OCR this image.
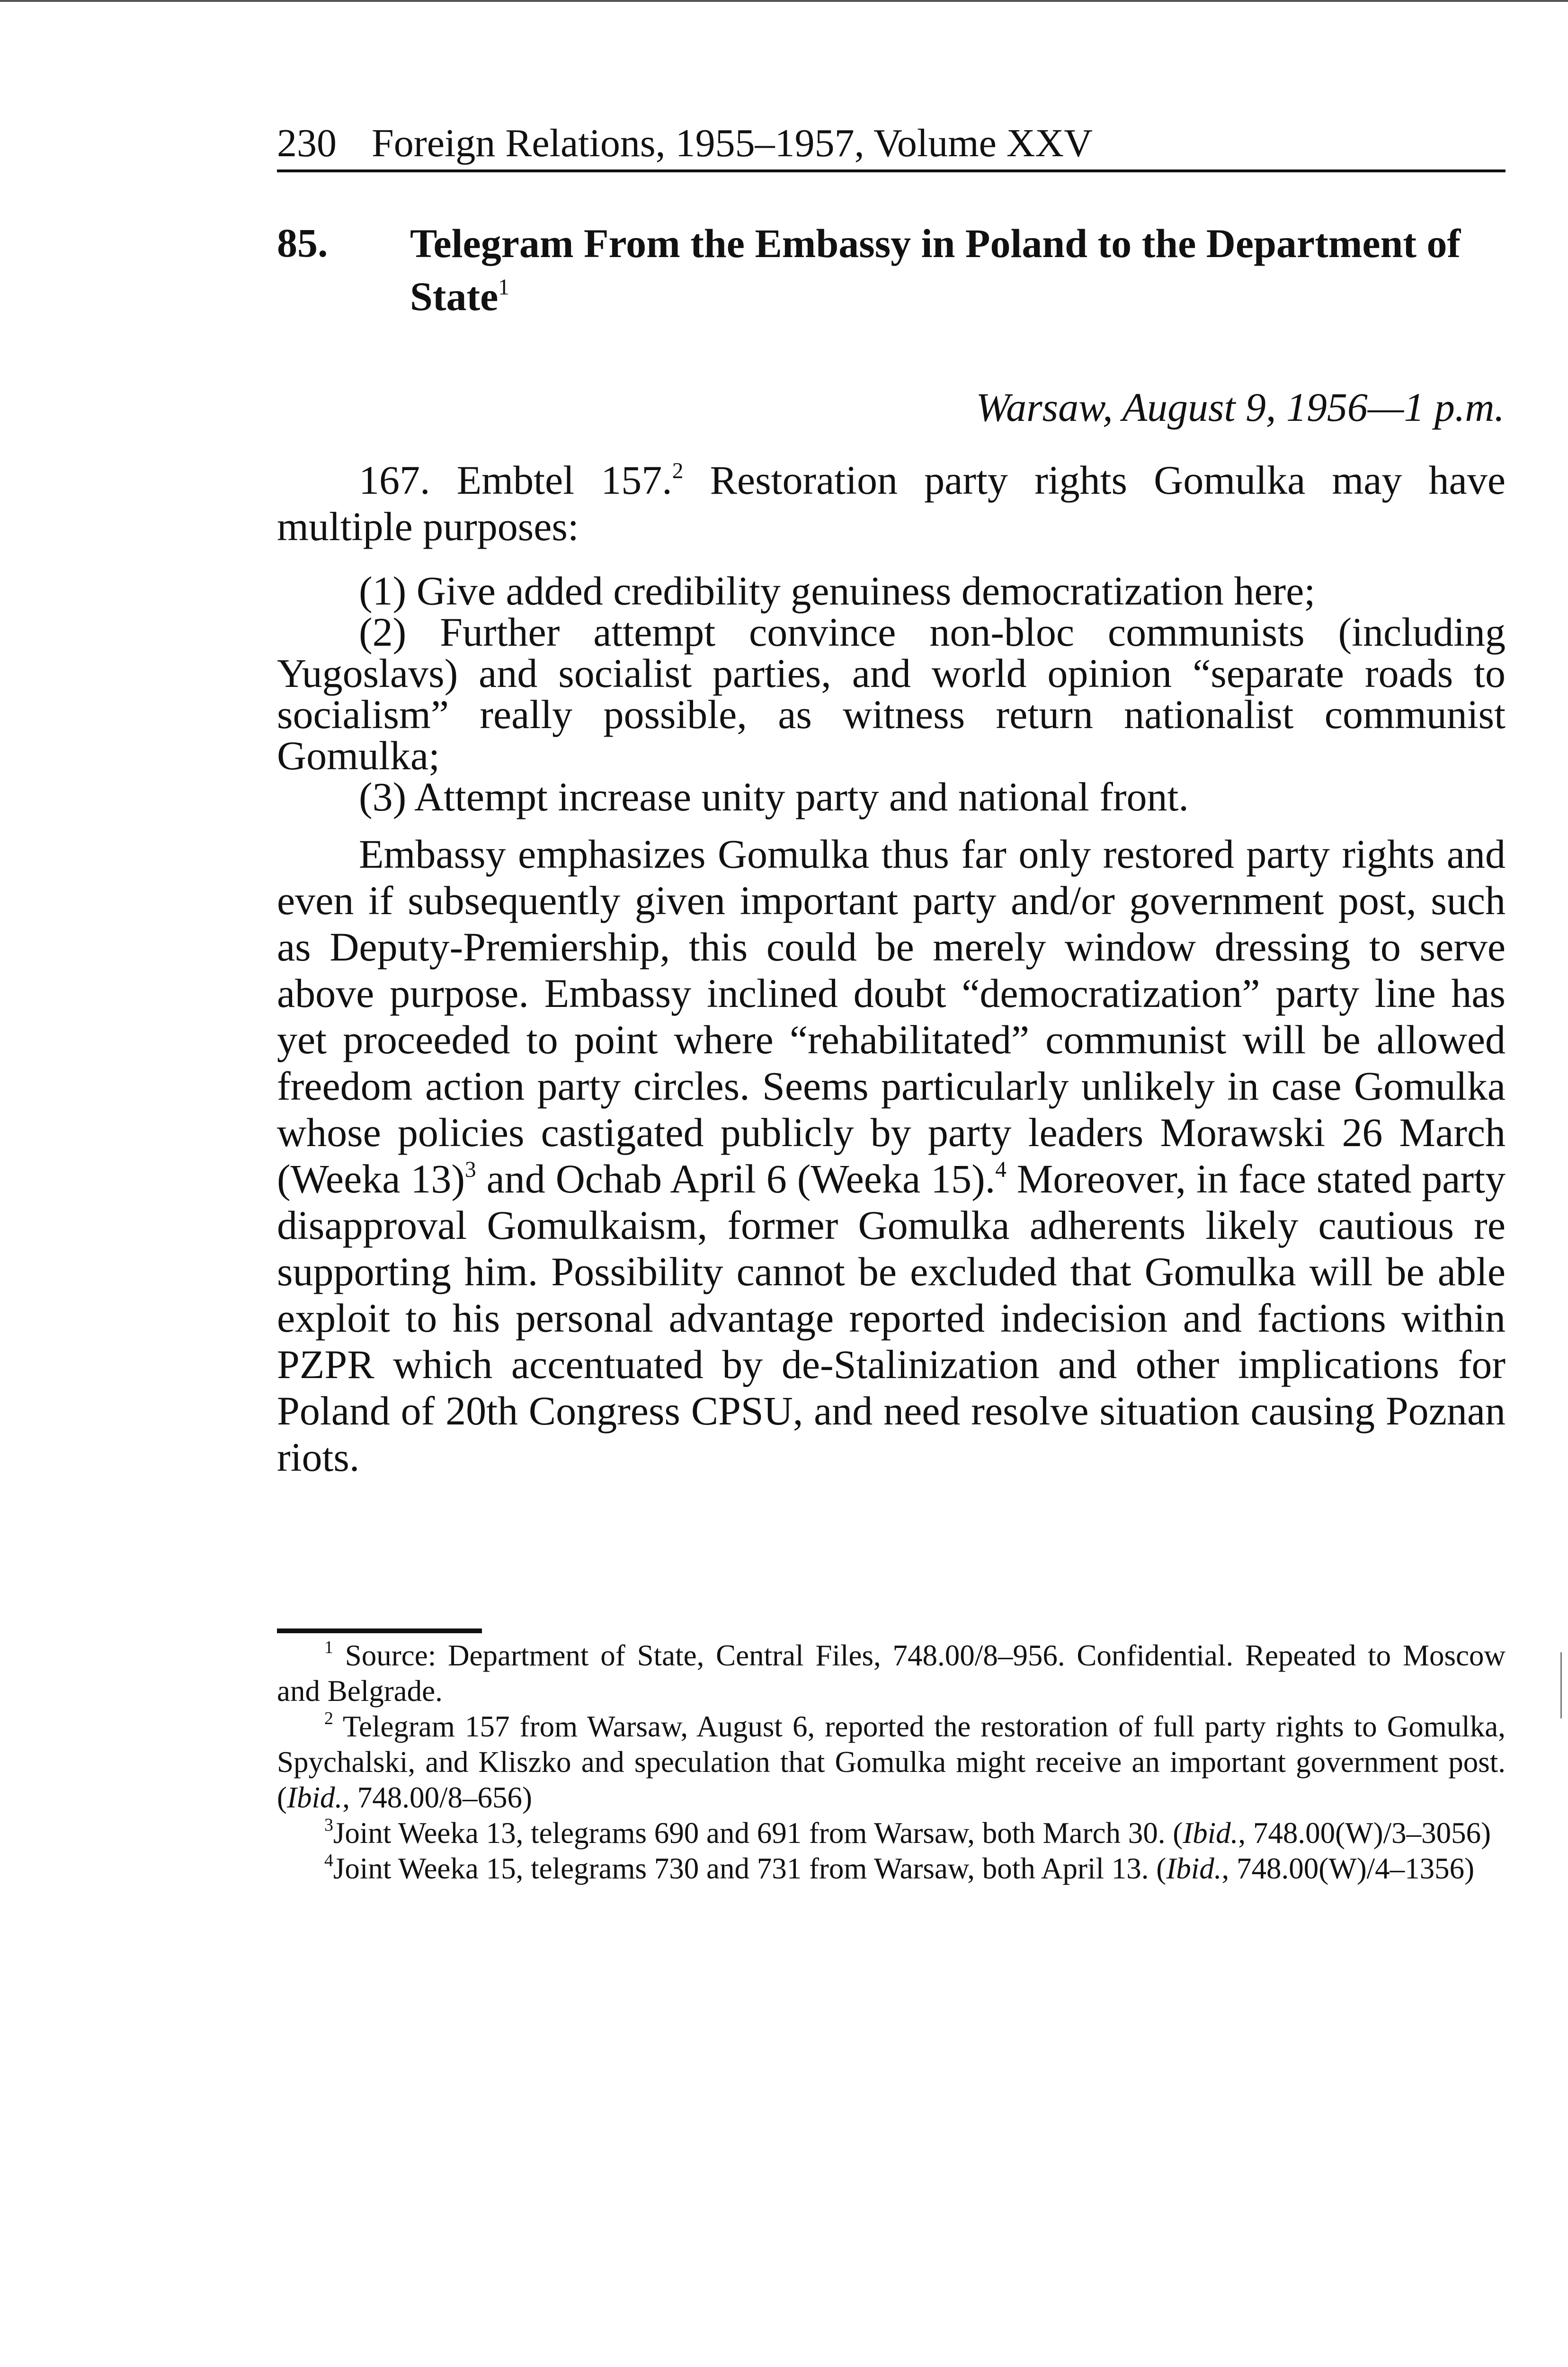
230 Foreign Relations, 1955–1957, Volume XXV
85. Telegram From the Embassy in Poland to the Department of State$^1$
Warsaw, August 9, 1956—1 p.m.

167. Embtel 157.$^2$ Restoration party rights Gomulka may have multiple purposes:

(1) Give added credibility genuiness democratization here;

(2) Further attempt convince non-bloc communists (including Yugoslavs) and socialist parties, and world opinion “separate roads to socialism” really possible, as witness return nationalist communist Gomulka;

(3) Attempt increase unity party and national front.

Embassy emphasizes Gomulka thus far only restored party rights and even if subsequently given important party and/or government post, such as Deputy-Premiership, this could be merely window dressing to serve above purpose. Embassy inclined doubt “democratization” party line has yet proceeded to point where “rehabilitated” communist will be allowed freedom action party circles. Seems particularly unlikely in case Gomulka whose policies castigated publicly by party leaders Morawski 26 March (Weeka 13)$^3$ and Ochab April 6 (Weeka 15).$^4$ Moreover, in face stated party disapproval Gomulkaism, former Gomulka adherents likely cautious re supporting him. Possibility cannot be excluded that Gomulka will be able exploit to his personal advantage reported indecision and factions within PZPR which accentuated by de-Stalinization and other implications for Poland of 20th Congress CPSU, and need resolve situation causing Poznan riots.

$^1$ Source: Department of State, Central Files, 748.00/8–956. Confidential. Repeated to Moscow and Belgrade.

$^2$ Telegram 157 from Warsaw, August 6, reported the restoration of full party rights to Gomulka, Spychalski, and Kliszko and speculation that Gomulka might receive an important government post. (Ibid., 748.00/8–656)

$^3$Joint Weeka 13, telegrams 690 and 691 from Warsaw, both March 30. (Ibid., 748.00(W)/3–3056)

$^4$Joint Weeka 15, telegrams 730 and 731 from Warsaw, both April 13. (Ibid., 748.00(W)/4–1356)
